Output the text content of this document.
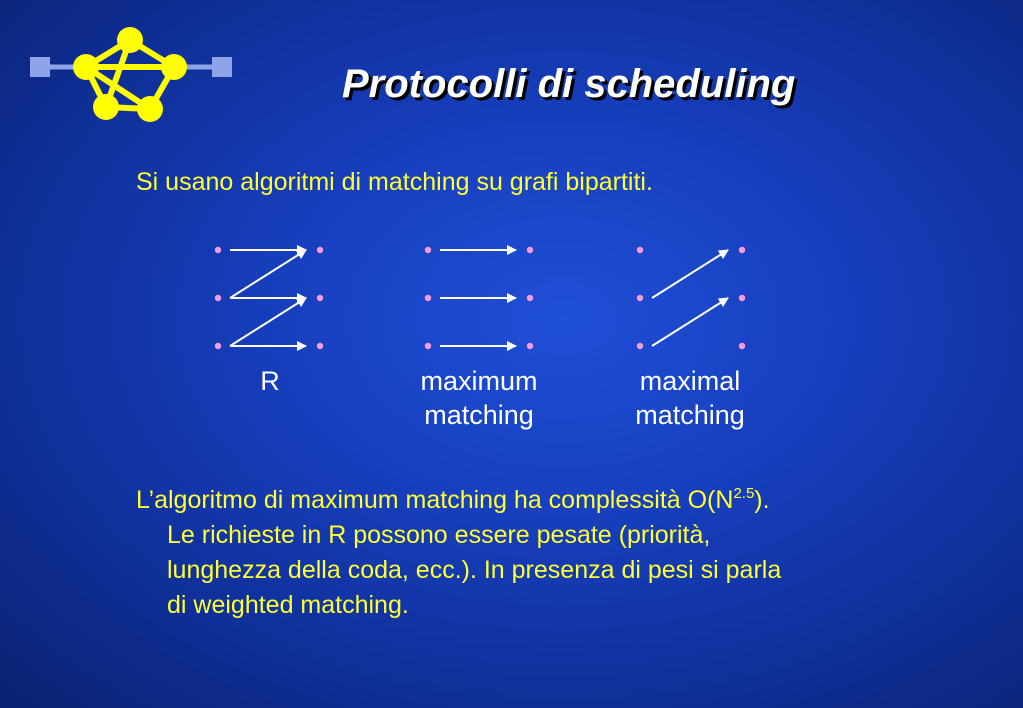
Protocolli di scheduling
Si usano algoritmi di matching su grafi bipartiti.
R	maximum
matching
maximal
matching
L’algoritmo di maximum matching ha complessità $O(N^{2.5})$.
Le richieste in R possono essere pesate (priorità,
lunghezza della coda, ecc.). In presenza di pesi si parla
di weighted matching.
